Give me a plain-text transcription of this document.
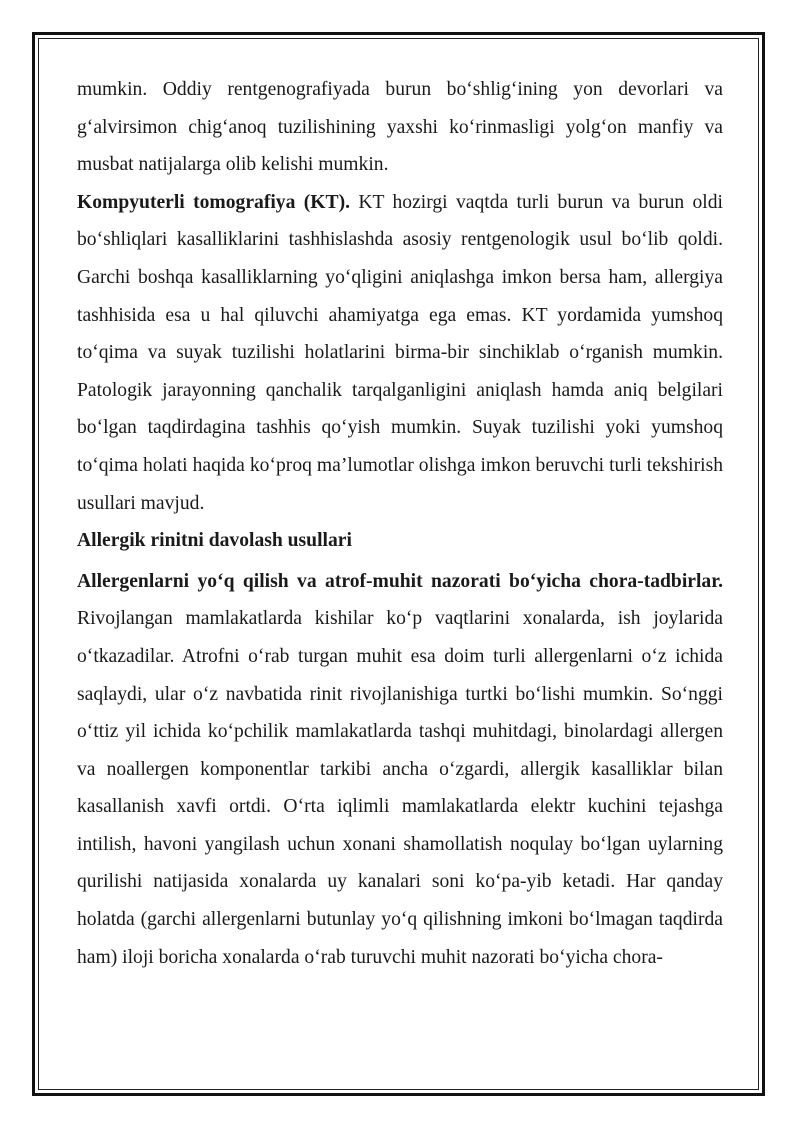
mumkin. Oddiy rentgenografiyada burun bo‘shlig‘ining yon devorlari va g‘alvirsimon chig‘anoq tuzilishining yaxshi ko‘rinmasligi yolg‘on manfiy va musbat natijalarga olib kelishi mumkin.

Kompyuterli tomografiya (KT). KT hozirgi vaqtda turli burun va burun oldi bo‘shliqlari kasalliklarini tashhislashda asosiy rentgenologik usul bo‘lib qoldi. Garchi boshqa kasalliklarning yo‘qligini aniqlashga imkon bersa ham, allergiya tashhisida esa u hal qiluvchi ahamiyatga ega emas. KT yordamida yumshoq to‘qima va suyak tuzilishi holatlarini birma-bir sinchiklab o‘rganish mumkin. Patologik jarayonning qanchalik tarqalganligini aniqlash hamda aniq belgilari bo‘lgan taqdirdagina tashhis qo‘yish mumkin. Suyak tuzilishi yoki yumshoq to‘qima holati haqida ko‘proq ma’lumotlar olishga imkon beruvchi turli tekshirish usullari mavjud.

Allergik rinitni davolash usullari

Allergenlarni yo‘q qilish va atrof-muhit nazorati bo‘yicha chora-tadbirlar. Rivojlangan mamlakatlarda kishilar ko‘p vaqtlarini xonalarda, ish joylarida o‘tkazadilar. Atrofni o‘rab turgan muhit esa doim turli allergenlarni o‘z ichida saqlaydi, ular o‘z navbatida rinit rivojlanishiga turtki bo‘lishi mumkin. So‘nggi o‘ttiz yil ichida ko‘pchilik mamlakatlarda tashqi muhitdagi, binolardagi allergen va noallergen komponentlar tarkibi ancha o‘zgardi, allergik kasalliklar bilan kasallanish xavfi ortdi. O‘rta iqlimli mamlakatlarda elektr kuchini tejashga intilish, havoni yangilash uchun xonani shamollatish noqulay bo‘lgan uylarning qurilishi natijasida xonalarda uy kanalari soni ko‘pa-yib ketadi. Har qanday holatda (garchi allergenlarni butunlay yo‘q qilishning imkoni bo‘lmagan taqdirda ham) iloji boricha xonalarda o‘rab turuvchi muhit nazorati bo‘yicha chora-
